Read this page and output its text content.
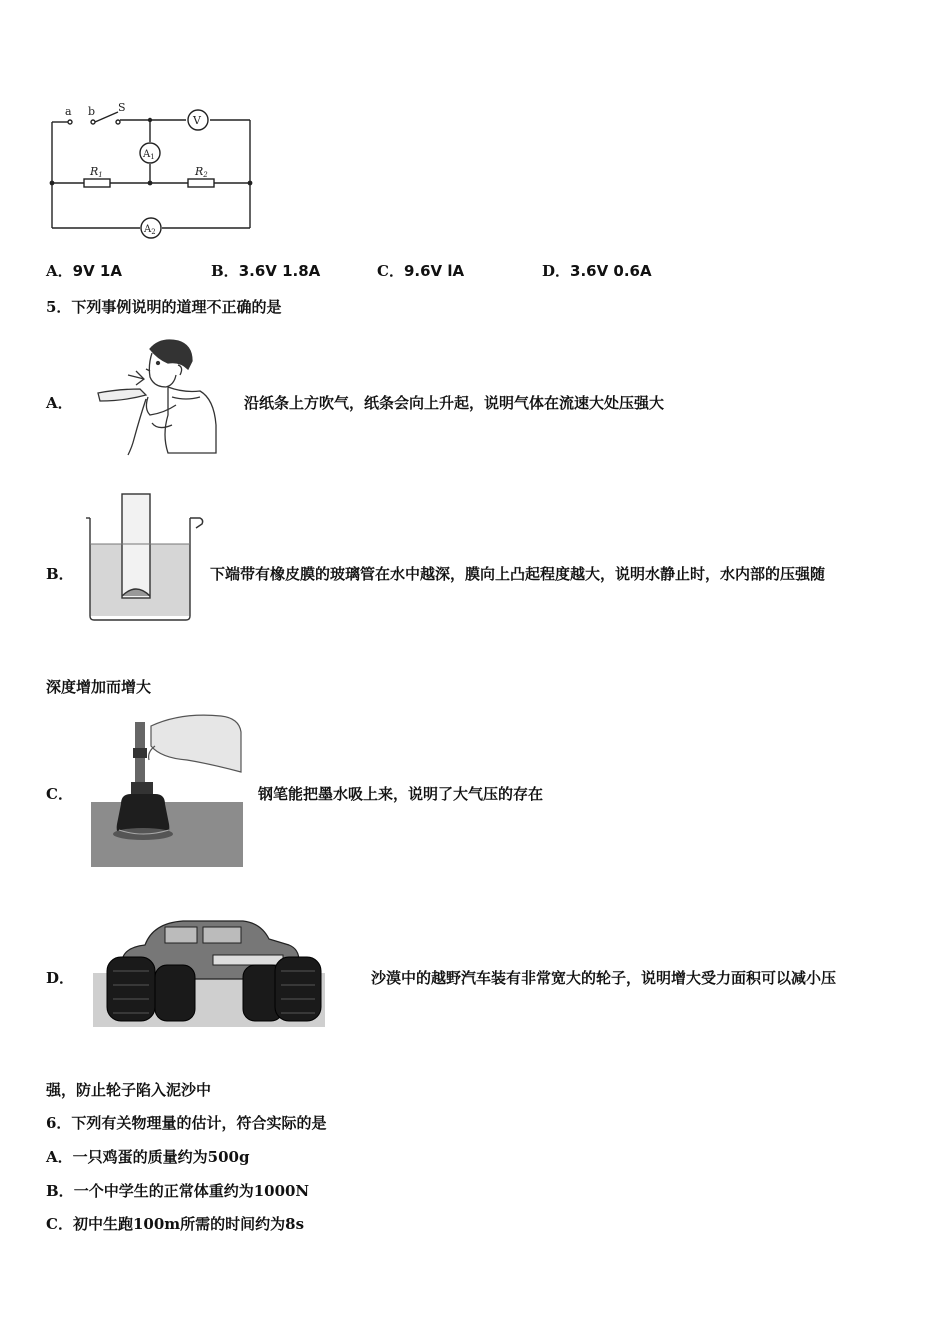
a b S
V
$A_1$
R1	R2
$A_2$
A．9V 1A	B．3.6V 1.8A	C．9.6V lA	D．3.6V 0.6A
5．下列事例说明的道理不正确的是
A．	沿纸条上方吹气，纸条会向上升起，说明气体在流速大处压强大
B．	下端带有橡皮膜的玻璃管在水中越深，膜向上凸起程度越大，说明水静止时，水内部的压强随
深度增加而增大
C．	钢笔能把墨水吸上来，说明了大气压的存在
D．	沙漠中的越野汽车装有非常宽大的轮子，说明增大受力面积可以减小压
强，防止轮子陷入泥沙中
6．下列有关物理量的估计，符合实际的是
A．一只鸡蛋的质量约为500g
B．一个中学生的正常体重约为1000N
C．初中生跑100m所需的时间约为8s
